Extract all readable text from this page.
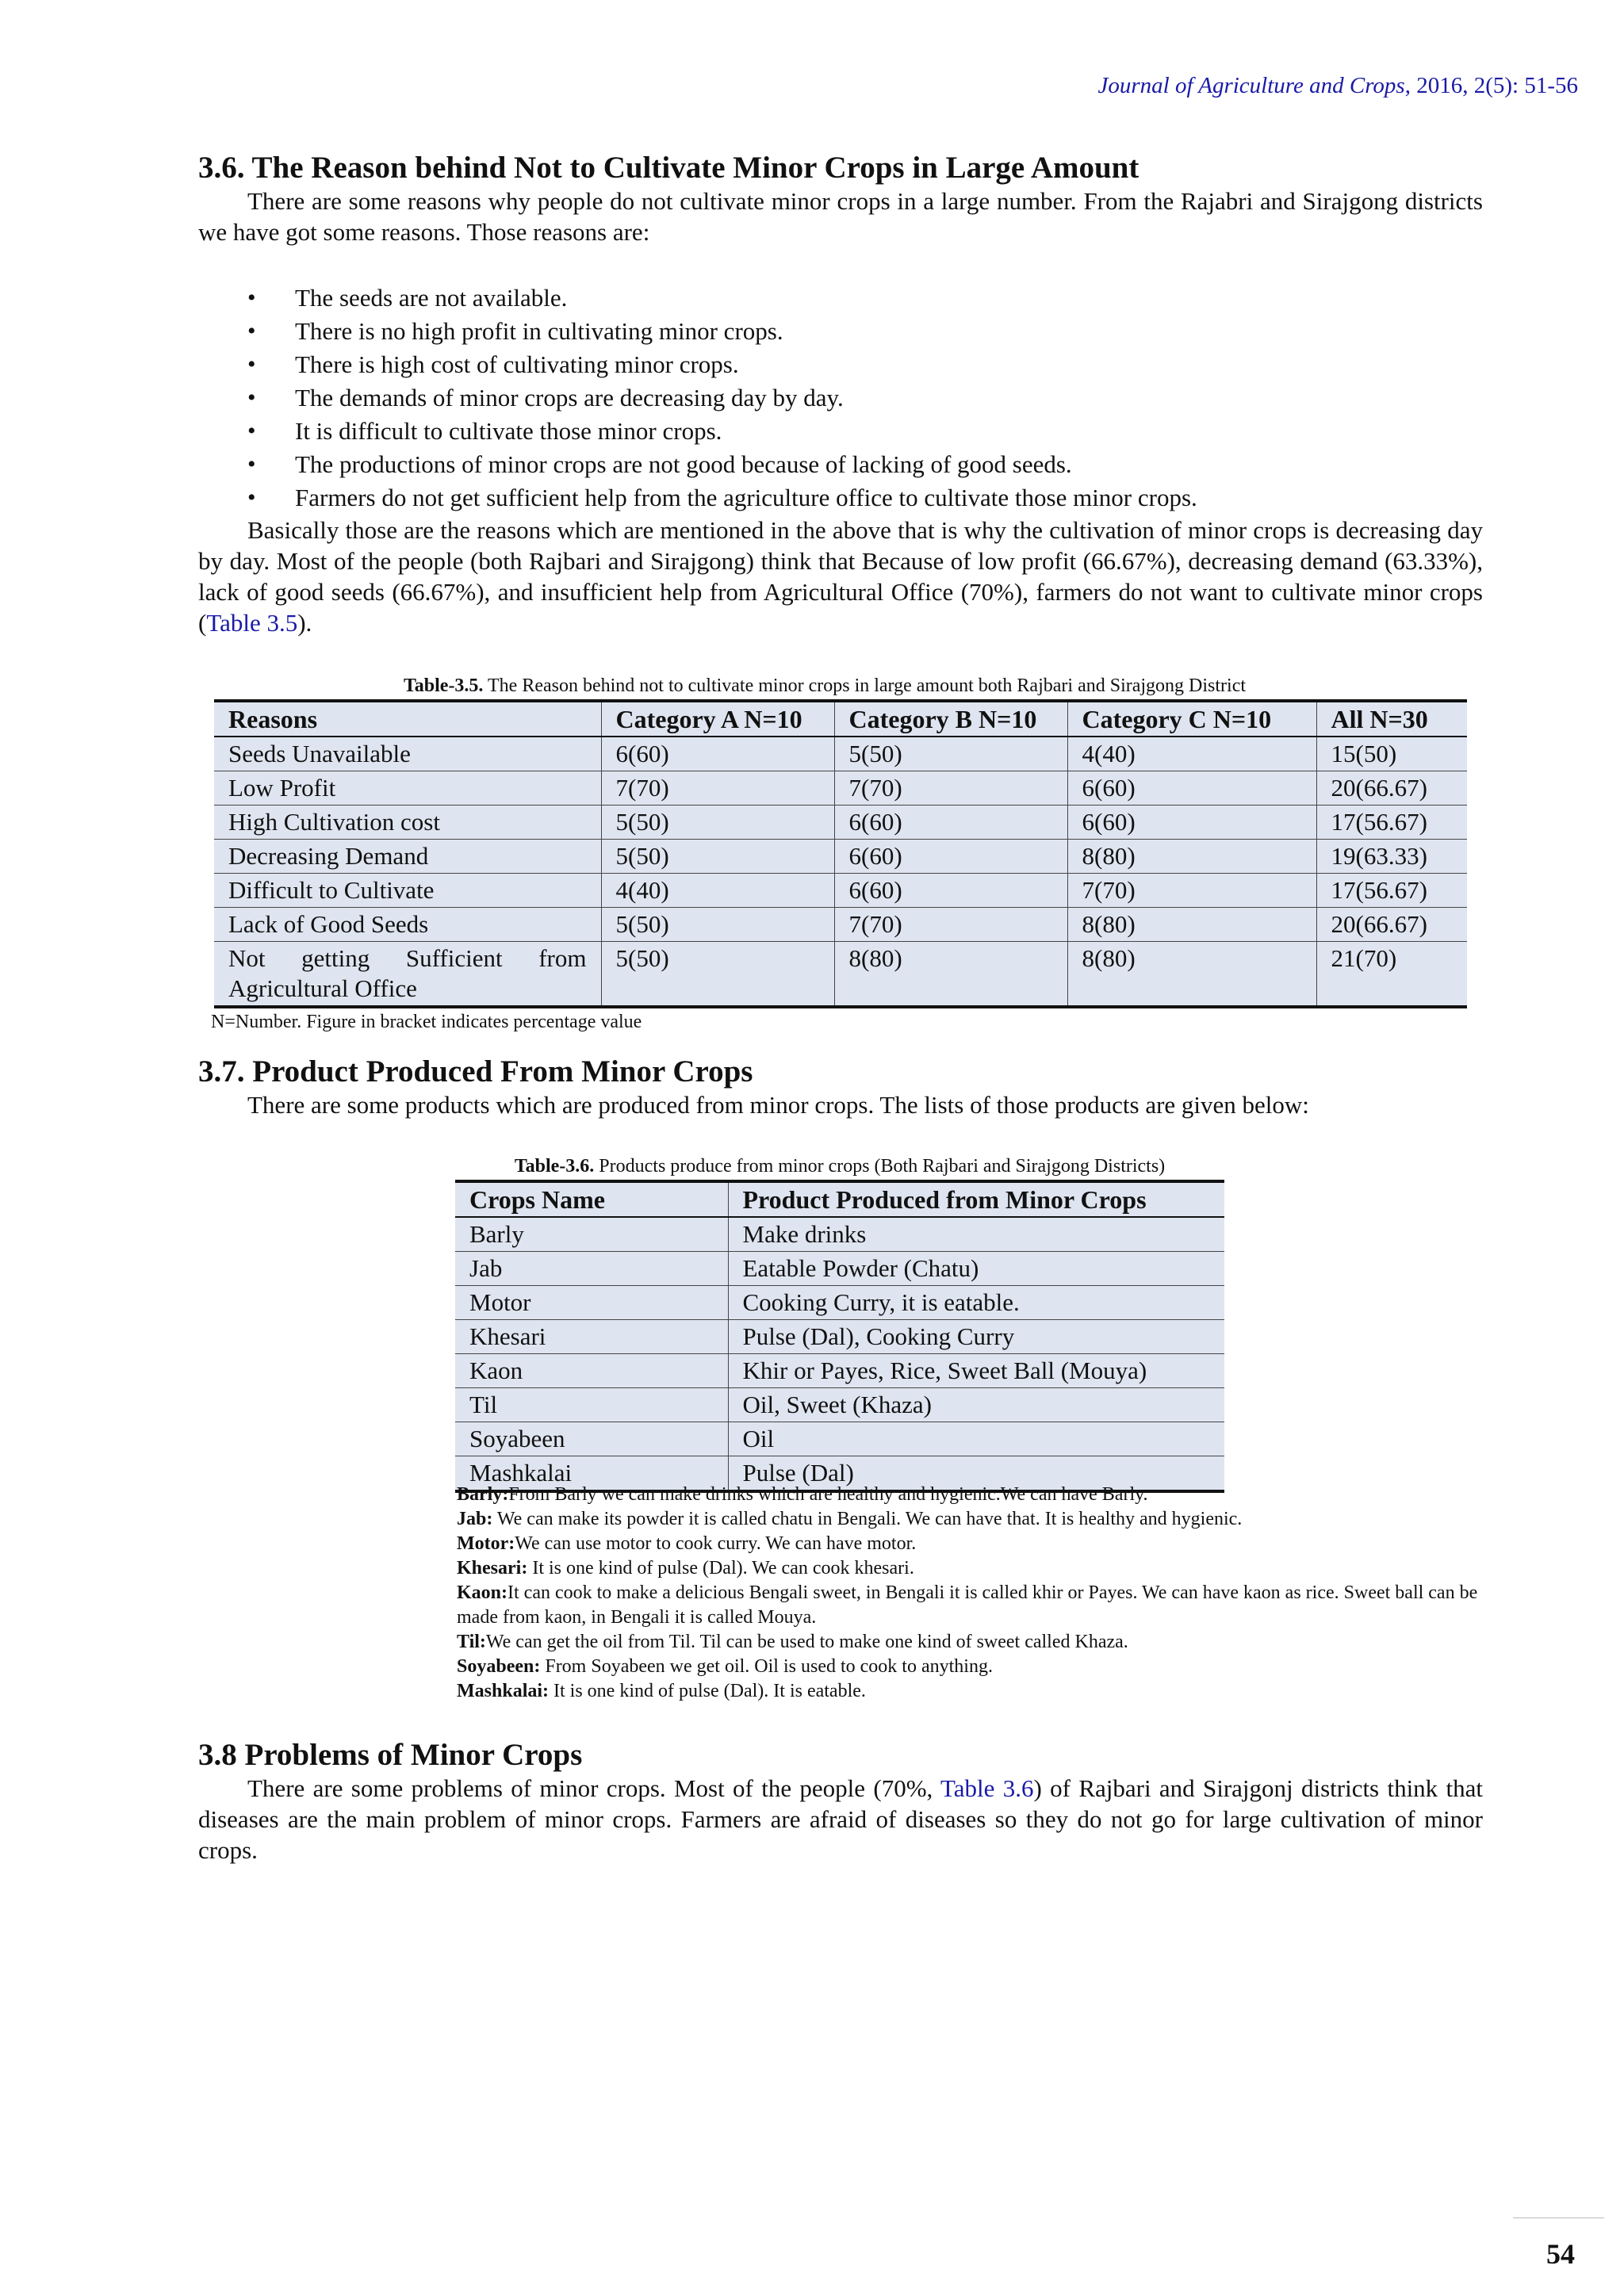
Journal of Agriculture and Crops, 2016, 2(5): 51-56
3.6. The Reason behind Not to Cultivate Minor Crops in Large Amount

There are some reasons why people do not cultivate minor crops in a large number. From the Rajabri and Sirajgong districts we have got some reasons. Those reasons are:

• The seeds are not available.
• There is no high profit in cultivating minor crops.
• There is high cost of cultivating minor crops.
• The demands of minor crops are decreasing day by day.
• It is difficult to cultivate those minor crops.
• The productions of minor crops are not good because of lacking of good seeds.
• Farmers do not get sufficient help from the agriculture office to cultivate those minor crops.

Basically those are the reasons which are mentioned in the above that is why the cultivation of minor crops is decreasing day by day. Most of the people (both Rajbari and Sirajgong) think that Because of low profit (66.67%), decreasing demand (63.33%), lack of good seeds (66.67%), and insufficient help from Agricultural Office (70%), farmers do not want to cultivate minor crops (Table 3.5).

Table-3.5. The Reason behind not to cultivate minor crops in large amount both Rajbari and Sirajgong District
Reasons	Category A N=10	Category B N=10	Category C N=10	All N=30
Seeds Unavailable	6(60)	5(50)	4(40)	15(50)
Low Profit	7(70)	7(70)	6(60)	20(66.67)
High Cultivation cost	5(50)	6(60)	6(60)	17(56.67)
Decreasing Demand	5(50)	6(60)	8(80)	19(63.33)
Difficult to Cultivate	4(40)	6(60)	7(70)	17(56.67)
Lack of Good Seeds	5(50)	7(70)	8(80)	20(66.67)
Not getting Sufficient from Agricultural Office	5(50)	8(80)	8(80)	21(70)
N=Number. Figure in bracket indicates percentage value
3.7. Product Produced From Minor Crops

There are some products which are produced from minor crops. The lists of those products are given below:

Table-3.6. Products produce from minor crops (Both Rajbari and Sirajgong Districts)
Crops Name	Product Produced from Minor Crops
Barly	Make drinks
Jab	Eatable Powder (Chatu)
Motor	Cooking Curry, it is eatable.
Khesari	Pulse (Dal), Cooking Curry
Kaon	Khir or Payes, Rice, Sweet Ball (Mouya)
Til	Oil, Sweet (Khaza)
Soyabeen	Oil
Mashkalai	Pulse (Dal)
Barly:From Barly we can make drinks which are healthy and hygienic.We can have Barly.
Jab: We can make its powder it is called chatu in Bengali. We can have that. It is healthy and hygienic.
Motor:We can use motor to cook curry. We can have motor.
Khesari: It is one kind of pulse (Dal). We can cook khesari.
Kaon:It can cook to make a delicious Bengali sweet, in Bengali it is called khir or Payes. We can have kaon as rice. Sweet ball can be made from kaon, in Bengali it is called Mouya.
Til:We can get the oil from Til. Til can be used to make one kind of sweet called Khaza.
Soyabeen: From Soyabeen we get oil. Oil is used to cook to anything.
Mashkalai: It is one kind of pulse (Dal). It is eatable.
3.8 Problems of Minor Crops

There are some problems of minor crops. Most of the people (70%, Table 3.6) of Rajbari and Sirajgonj districts think that diseases are the main problem of minor crops. Farmers are afraid of diseases so they do not go for large cultivation of minor crops.

54
